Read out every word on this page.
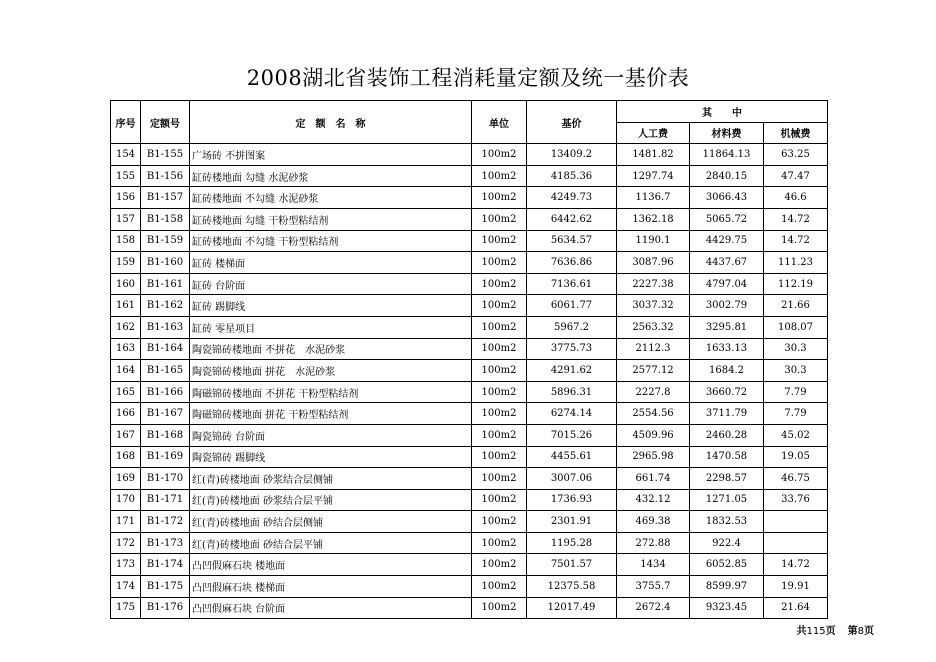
2008湖北省装饰工程消耗量定额及统一基价表
序号	定额号	定　额　名　称	单位	基价	其　　中		
					人工费	材料费	机械费
154	B1-155	广场砖 不拼图案	100m2	13409.2	1481.82	11864.13	63.25
155	B1-156	缸砖楼地面 勾缝 水泥砂浆	100m2	4185.36	1297.74	2840.15	47.47
156	B1-157	缸砖楼地面 不勾缝 水泥砂浆	100m2	4249.73	1136.7	3066.43	46.6
157	B1-158	缸砖楼地面 勾缝 干粉型粘结剂	100m2	6442.62	1362.18	5065.72	14.72
158	B1-159	缸砖楼地面 不勾缝 干粉型粘结剂	100m2	5634.57	1190.1	4429.75	14.72
159	B1-160	缸砖 楼梯面	100m2	7636.86	3087.96	4437.67	111.23
160	B1-161	缸砖 台阶面	100m2	7136.61	2227.38	4797.04	112.19
161	B1-162	缸砖 踢脚线	100m2	6061.77	3037.32	3002.79	21.66
162	B1-163	缸砖 零星项目	100m2	5967.2	2563.32	3295.81	108.07
163	B1-164	陶瓷锦砖楼地面 不拼花　水泥砂浆	100m2	3775.73	2112.3	1633.13	30.3
164	B1-165	陶瓷锦砖楼地面 拼花　水泥砂浆	100m2	4291.62	2577.12	1684.2	30.3
165	B1-166	陶磁锦砖楼地面 不拼花 干粉型粘结剂	100m2	5896.31	2227.8	3660.72	7.79
166	B1-167	陶磁锦砖楼地面 拼花 干粉型粘结剂	100m2	6274.14	2554.56	3711.79	7.79
167	B1-168	陶瓷锦砖 台阶面	100m2	7015.26	4509.96	2460.28	45.02
168	B1-169	陶瓷锦砖 踢脚线	100m2	4455.61	2965.98	1470.58	19.05
169	B1-170	红(青)砖楼地面 砂浆结合层侧铺	100m2	3007.06	661.74	2298.57	46.75
170	B1-171	红(青)砖楼地面 砂浆结合层平铺	100m2	1736.93	432.12	1271.05	33.76
171	B1-172	红(青)砖楼地面 砂结合层侧铺	100m2	2301.91	469.38	1832.53	
172	B1-173	红(青)砖楼地面 砂结合层平铺	100m2	1195.28	272.88	922.4	
173	B1-174	凸凹假麻石块 楼地面	100m2	7501.57	1434	6052.85	14.72
174	B1-175	凸凹假麻石块 楼梯面	100m2	12375.58	3755.7	8599.97	19.91
175	B1-176	凸凹假麻石块 台阶面	100m2	12017.49	2672.4	9323.45	21.64
共115页 第8页
